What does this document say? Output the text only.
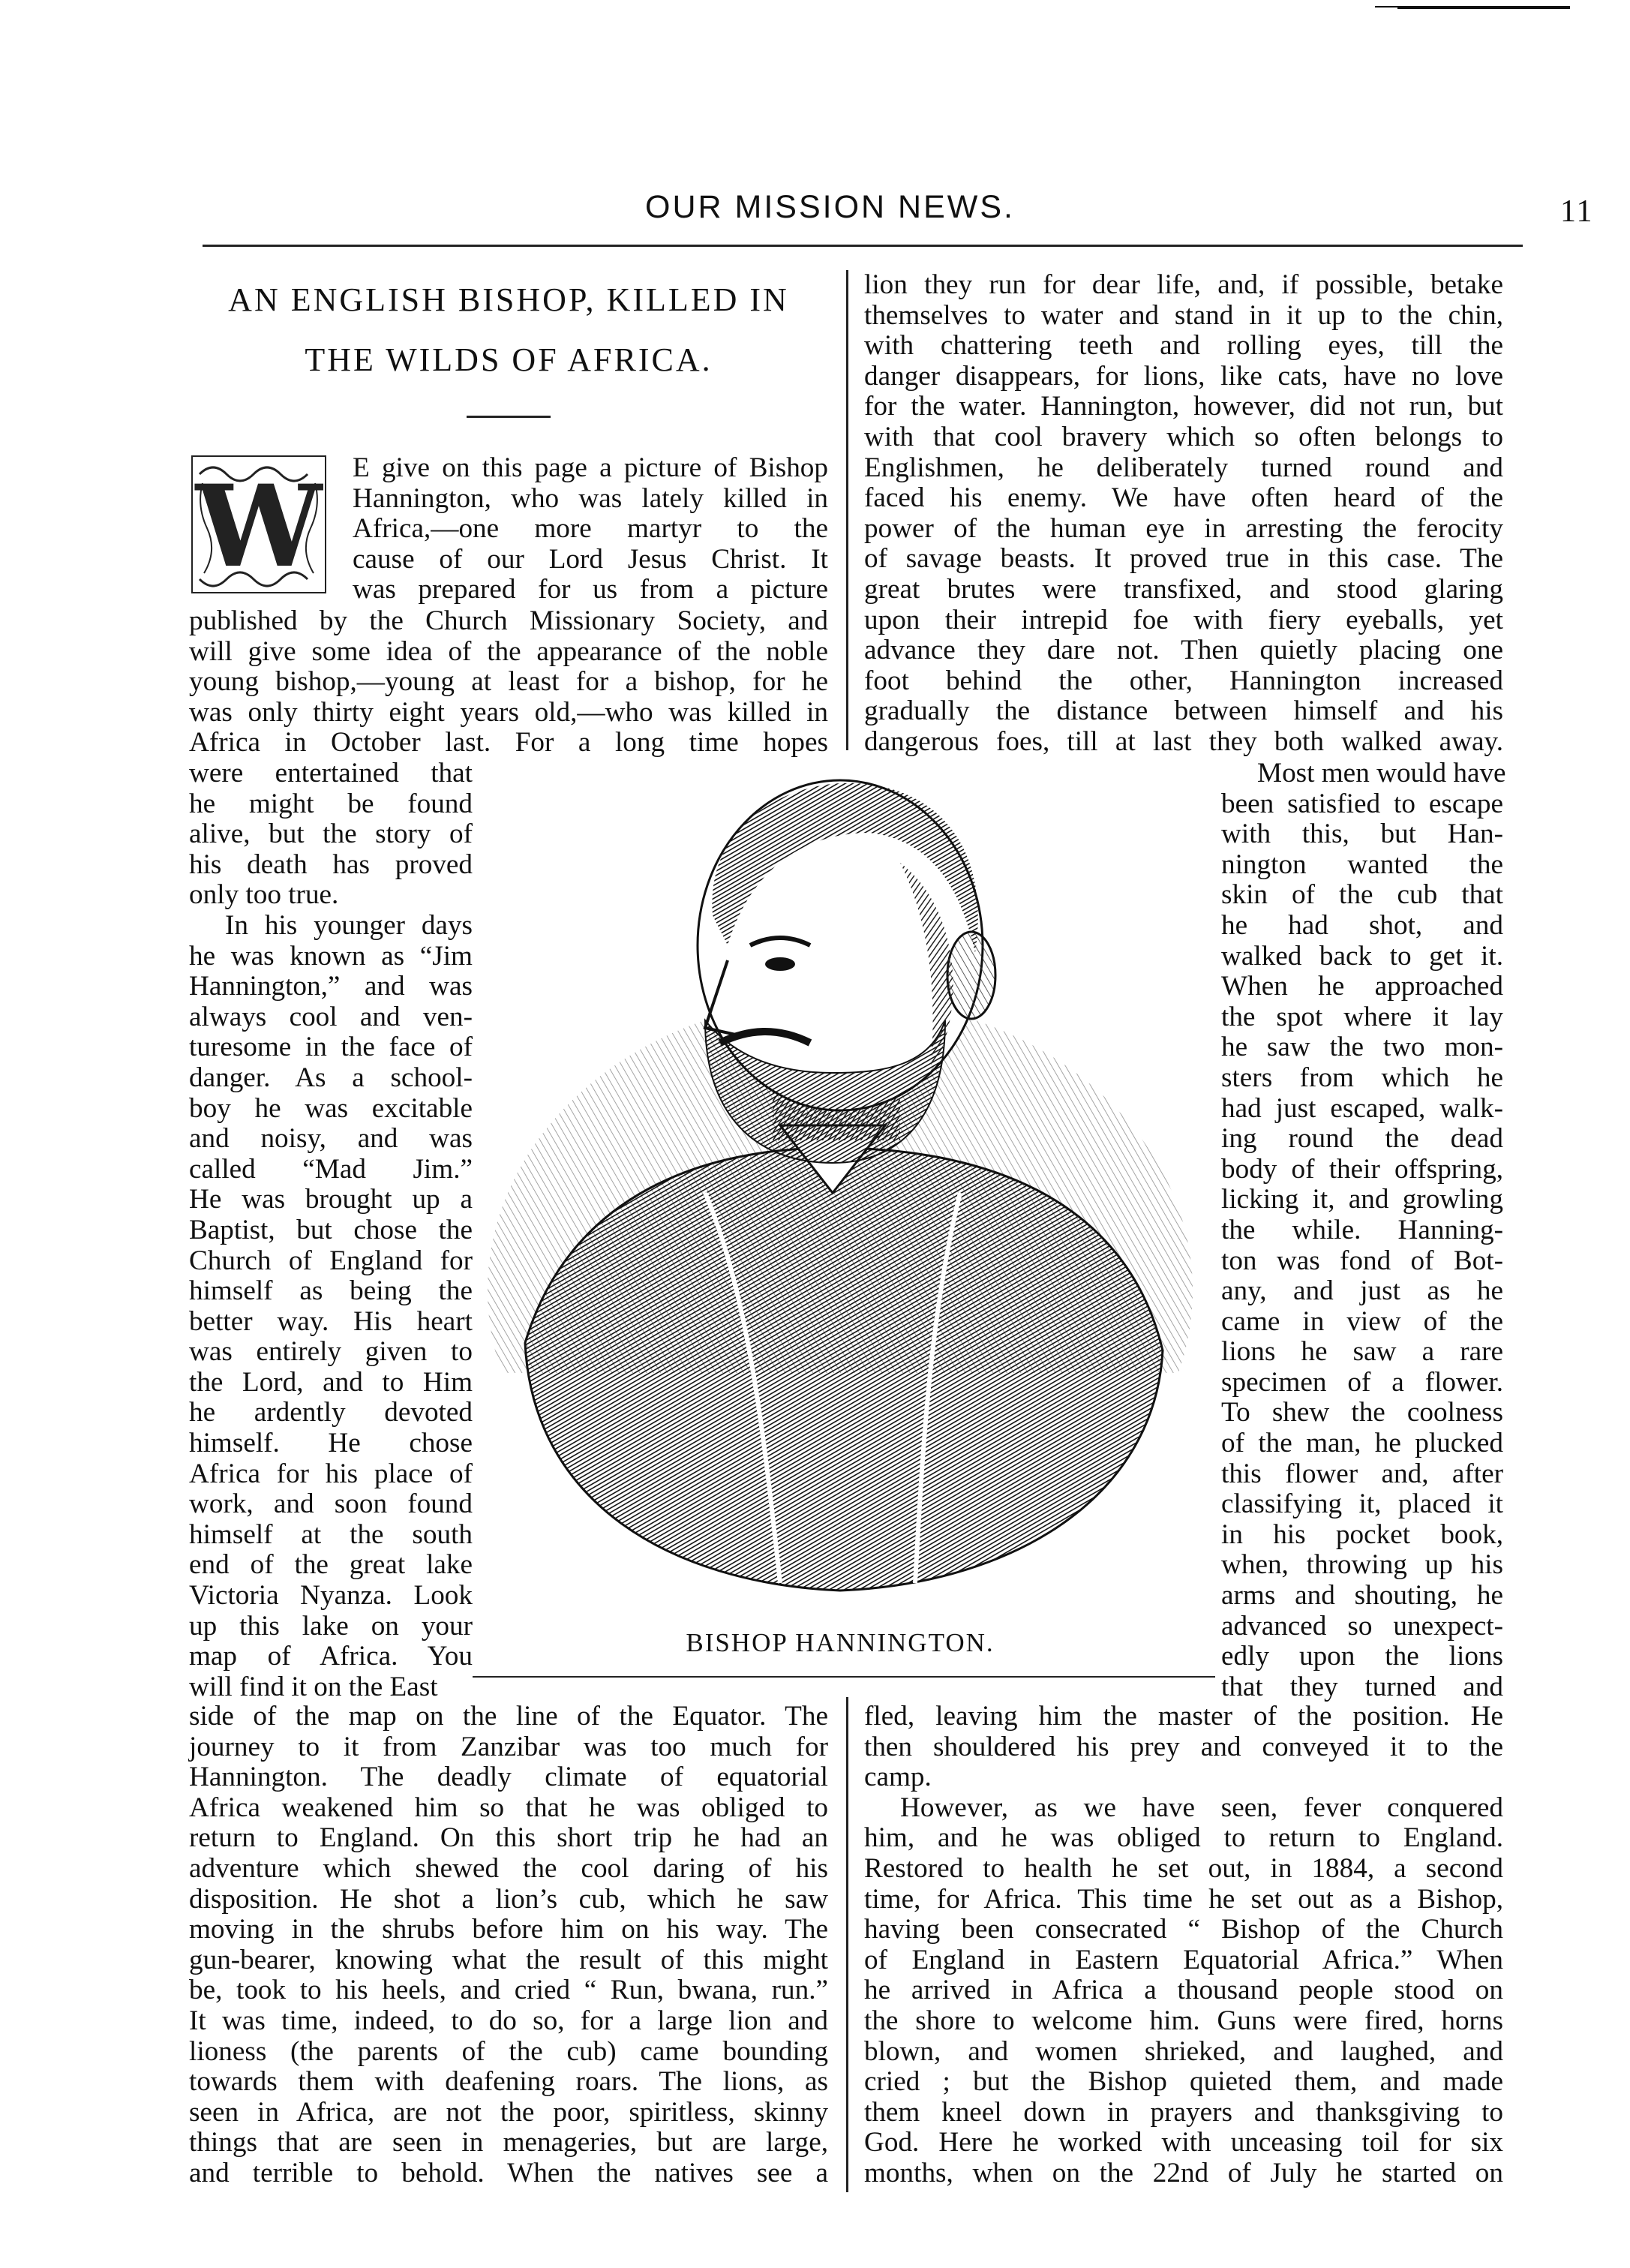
OUR MISSION NEWS.	11
AN ENGLISH BISHOP, KILLED IN
THE WILDS OF AFRICA.
W E give on this page a picture of Bishop
Hannington, who was lately killed in
Africa,—one more martyr to the
cause of our Lord Jesus Christ. It
was prepared for us from a picture
published by the Church Missionary Society, and
will give some idea of the appearance of the noble
young bishop,—young at least for a bishop, for he
was only thirty eight years old,—who was killed in
Africa in October last. For a long time hopes
were entertained that
he might be found
alive, but the story of
his death has proved
only too true.
In his younger days
he was known as “Jim
Hannington,” and was
always cool and ven-
turesome in the face of
danger. As a school-
boy he was excitable
and noisy, and was
called “Mad Jim.”
He was brought up a
Baptist, but chose the
Church of England for
himself as being the
better way. His heart
was entirely given to
the Lord, and to Him
he ardently devoted
himself. He chose
Africa for his place of
work, and soon found
himself at the south
end of the great lake
Victoria Nyanza. Look
up this lake on your
map of Africa. You
will find it on the East
side of the map on the line of the Equator. The
journey to it from Zanzibar was too much for
Hannington. The deadly climate of equatorial
Africa weakened him so that he was obliged to
return to England. On this short trip he had an
adventure which shewed the cool daring of his
disposition. He shot a lion’s cub, which he saw
moving in the shrubs before him on his way. The
gun-bearer, knowing what the result of this might
be, took to his heels, and cried “ Run, bwana, run.”
It was time, indeed, to do so, for a large lion and
lioness (the parents of the cub) came bounding
towards them with deafening roars. The lions, as
seen in Africa, are not the poor, spiritless, skinny
things that are seen in menageries, but are large,
and terrible to behold. When the natives see a
lion they run for dear life, and, if possible, betake
themselves to water and stand in it up to the chin,
with chattering teeth and rolling eyes, till the
danger disappears, for lions, like cats, have no love
for the water. Hannington, however, did not run, but
with that cool bravery which so often belongs to
Englishmen, he deliberately turned round and
faced his enemy. We have often heard of the
power of the human eye in arresting the ferocity
of savage beasts. It proved true in this case. The
great brutes were transfixed, and stood glaring
upon their intrepid foe with fiery eyeballs, yet
advance they dare not. Then quietly placing one
foot behind the other, Hannington increased
gradually the distance between himself and his
dangerous foes, till at last they both walked away.
Most men would have
been satisfied to escape
with this, but Han-
nington wanted the
skin of the cub that
he had shot, and
walked back to get it.
When he approached
the spot where it lay
he saw the two mon-
sters from which he
had just escaped, walk-
ing round the dead
body of their offspring,
licking it, and growling
the while. Hanning-
ton was fond of Bot-
any, and just as he
came in view of the
lions he saw a rare
specimen of a flower.
To shew the coolness
of the man, he plucked
this flower and, after
classifying it, placed it
in his pocket book,
when, throwing up his
arms and shouting, he
advanced so unexpect-
edly upon the lions
that they turned and
fled, leaving him the master of the position. He
then shouldered his prey and conveyed it to the
camp.
However, as we have seen, fever conquered
him, and he was obliged to return to England.
Restored to health he set out, in 1884, a second
time, for Africa. This time he set out as a Bishop,
having been consecrated “ Bishop of the Church
of England in Eastern Equatorial Africa.” When
he arrived in Africa a thousand people stood on
the shore to welcome him. Guns were fired, horns
blown, and women shrieked, and laughed, and
cried ; but the Bishop quieted them, and made
them kneel down in prayers and thanksgiving to
God. Here he worked with unceasing toil for six
months, when on the 22nd of July he started on
BISHOP HANNINGTON.
